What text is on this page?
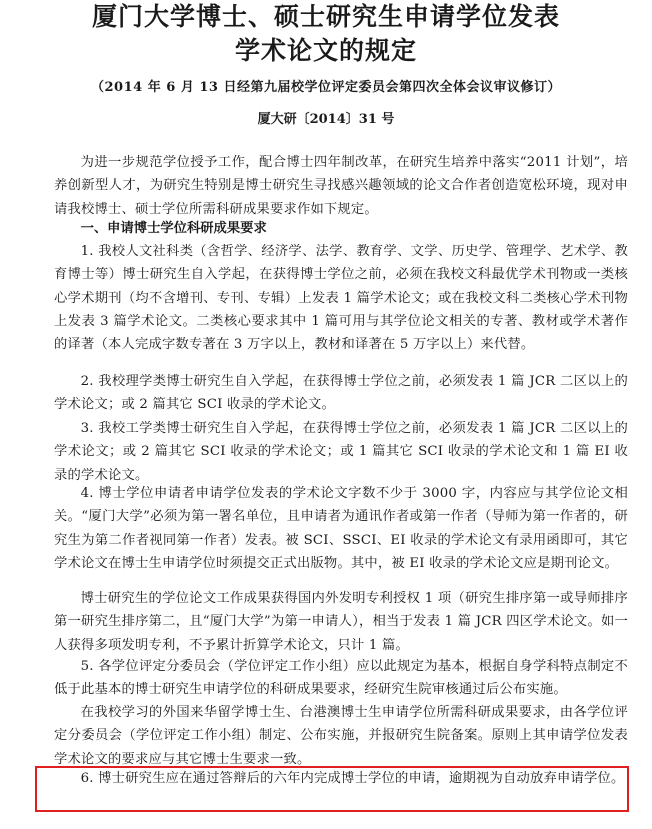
厦门大学博士、硕士研究生申请学位发表
学术论文的规定
（2014 年 6 月 13 日经第九届校学位评定委员会第四次全体会议审议修订）
厦大研〔2014〕31 号

为进一步规范学位授予工作，配合博士四年制改革，在研究生培养中落实“2011 计划”，培养创新型人才，为研究生特别是博士研究生寻找感兴趣领域的论文合作者创造宽松环境，现对申请我校博士、硕士学位所需科研成果要求作如下规定。

一、申请博士学位科研成果要求

1. 我校人文社科类（含哲学、经济学、法学、教育学、文学、历史学、管理学、艺术学、教育博士等）博士研究生自入学起，在获得博士学位之前，必须在我校文科最优学术刊物或一类核心学术期刊（均不含增刊、专刊、专辑）上发表 1 篇学术论文；或在我校文科二类核心学术刊物上发表 3 篇学术论文。二类核心要求其中 1 篇可用与其学位论文相关的专著、教材或学术著作的译著（本人完成字数专著在 3 万字以上，教材和译著在 5 万字以上）来代替。

2. 我校理学类博士研究生自入学起，在获得博士学位之前，必须发表 1 篇 JCR 二区以上的学术论文；或 2 篇其它 SCI 收录的学术论文。

3. 我校工学类博士研究生自入学起，在获得博士学位之前，必须发表 1 篇 JCR 二区以上的学术论文；或 2 篇其它 SCI 收录的学术论文；或 1 篇其它 SCI 收录的学术论文和 1 篇 EI 收录的学术论文。

4. 博士学位申请者申请学位发表的学术论文字数不少于 3000 字，内容应与其学位论文相关。“厦门大学”必须为第一署名单位，且申请者为通讯作者或第一作者（导师为第一作者的，研究生为第二作者视同第一作者）发表。被 SCI、SSCI、EI 收录的学术论文有录用函即可，其它学术论文在博士生申请学位时须提交正式出版物。其中，被 EI 收录的学术论文应是期刊论文。

博士研究生的学位论文工作成果获得国内外发明专利授权 1 项（研究生排序第一或导师排序第一研究生排序第二，且“厦门大学”为第一申请人），相当于发表 1 篇 JCR 四区学术论文。如一人获得多项发明专利，不予累计折算学术论文，只计 1 篇。

5. 各学位评定分委员会（学位评定工作小组）应以此规定为基本，根据自身学科特点制定不低于此基本的博士研究生申请学位的科研成果要求，经研究生院审核通过后公布实施。

在我校学习的外国来华留学博士生、台港澳博士生申请学位所需科研成果要求，由各学位评定分委员会（学位评定工作小组）制定、公布实施，并报研究生院备案。原则上其申请学位发表学术论文的要求应与其它博士生要求一致。

6. 博士研究生应在通过答辩后的六年内完成博士学位的申请，逾期视为自动放弃申请学位。
